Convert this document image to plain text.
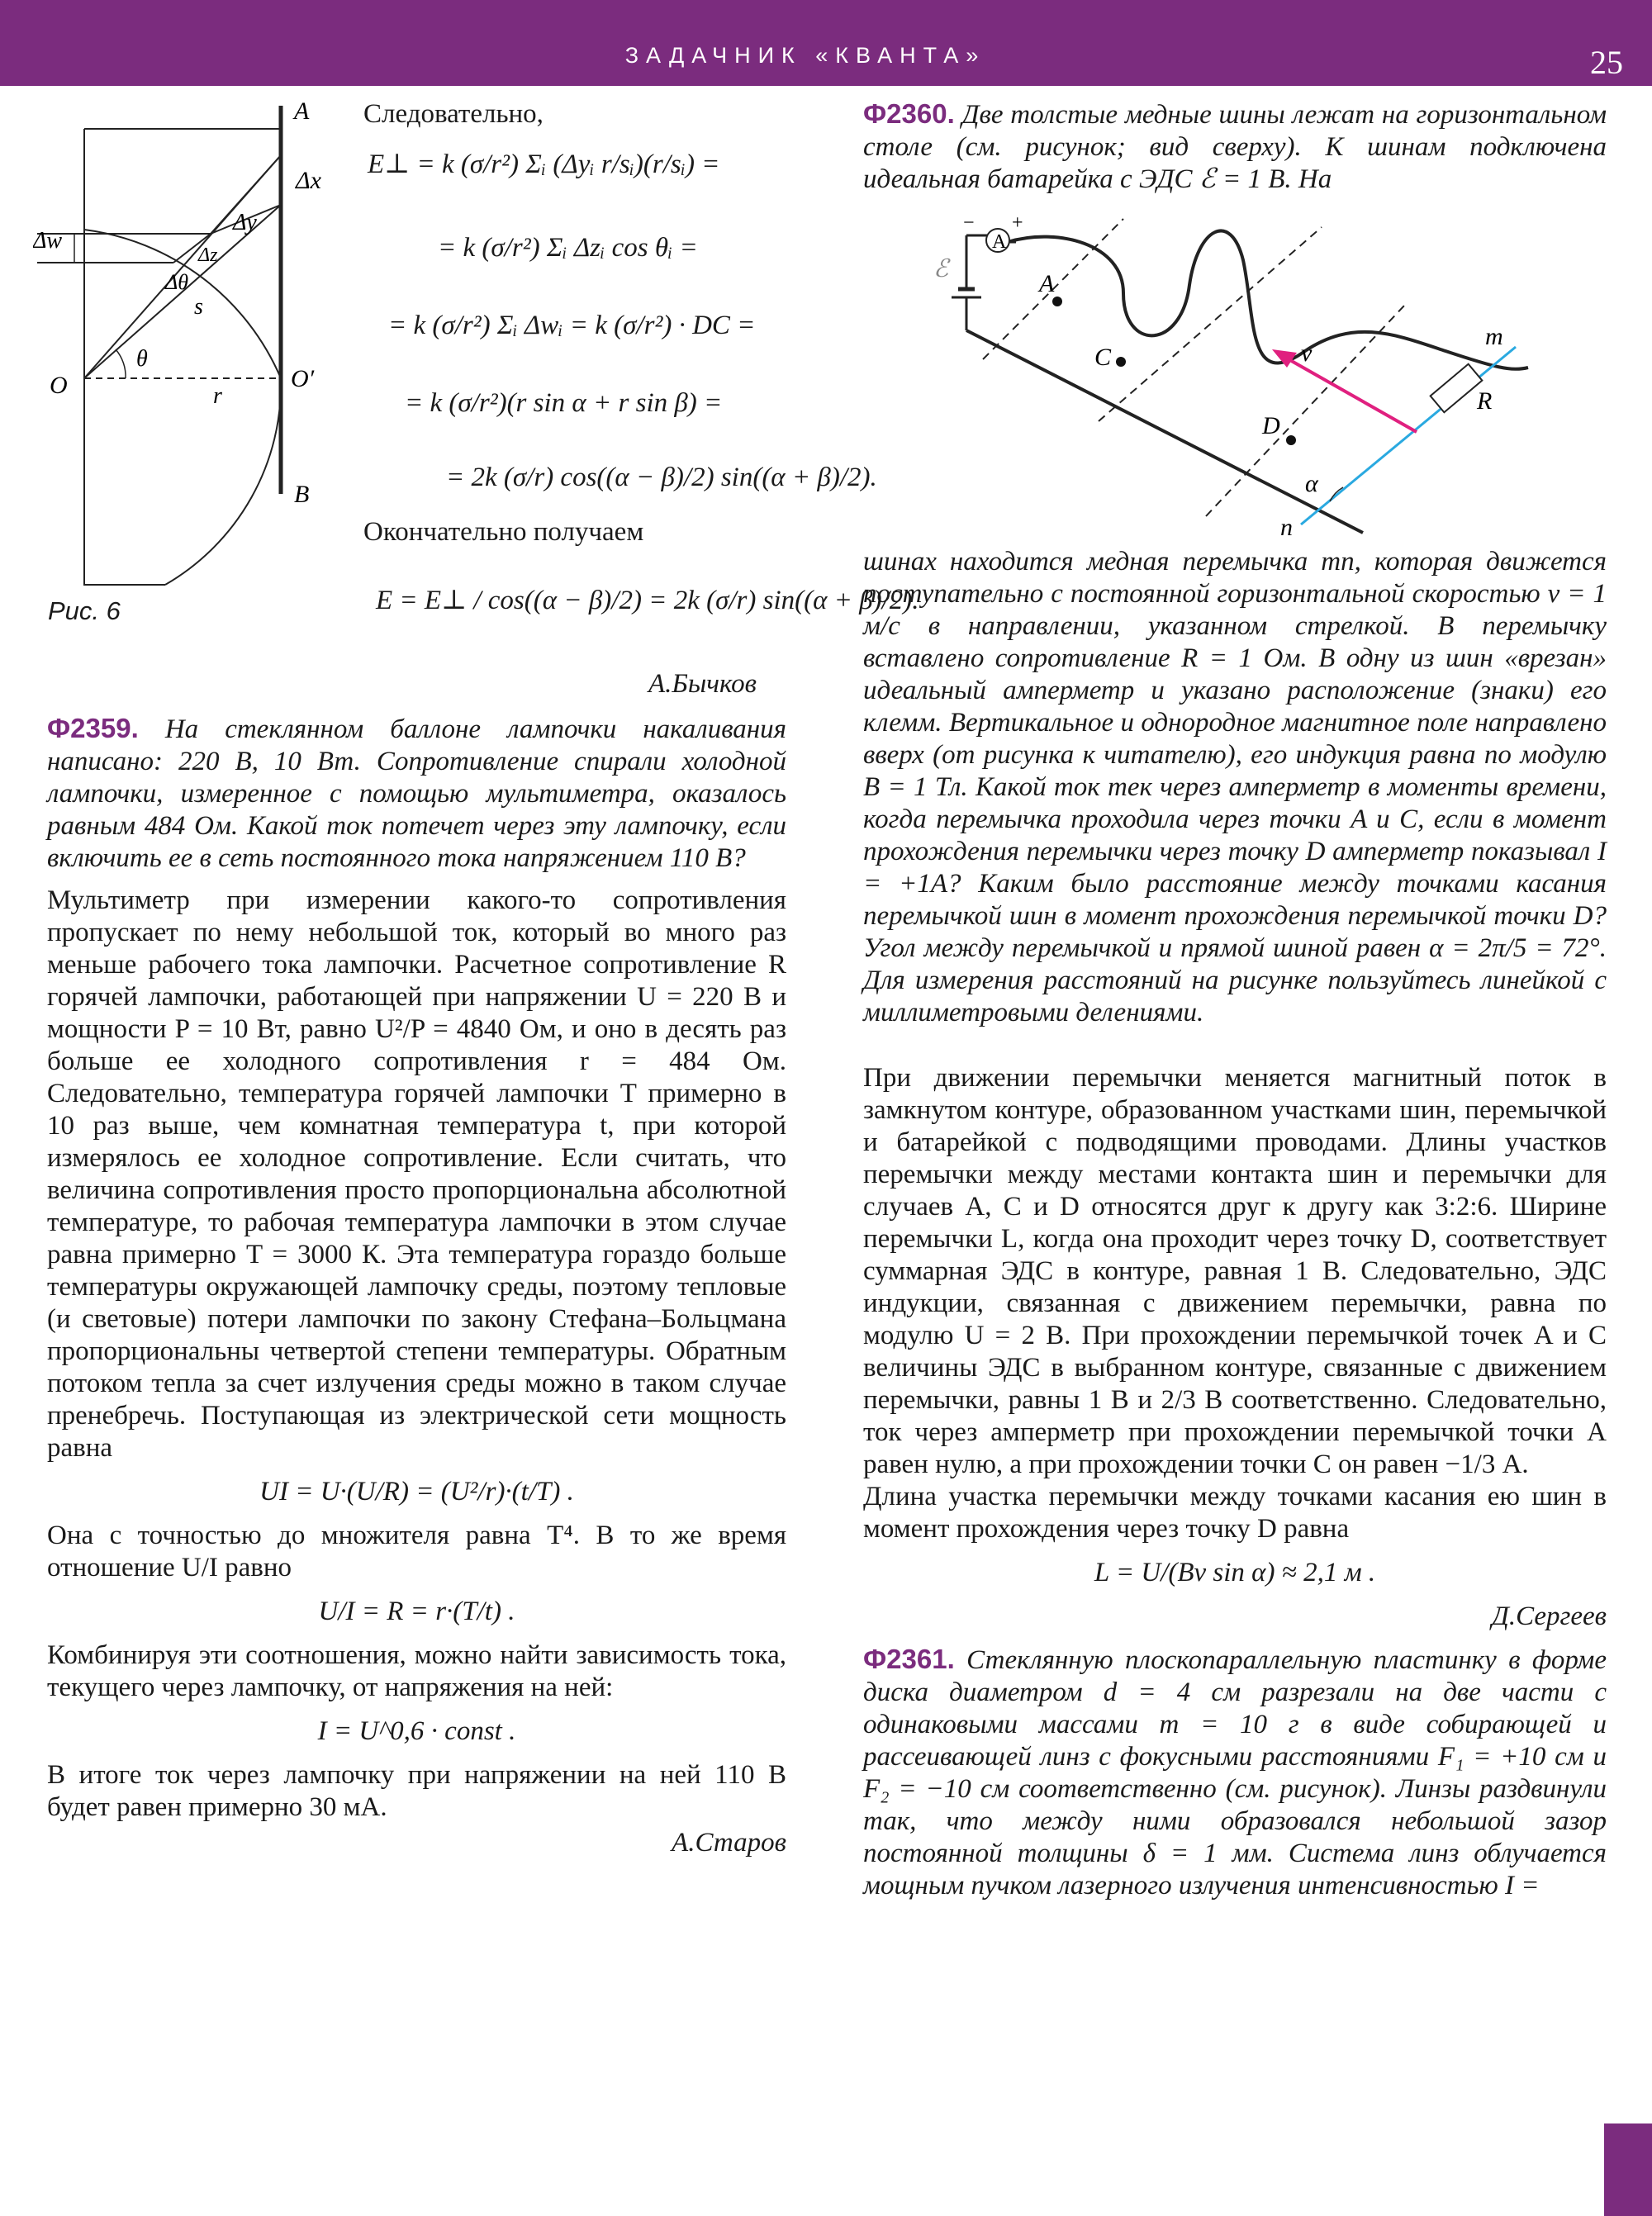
ЗАДАЧНИК «КВАНТА»	25
A
B
O	O′
Δx
Δy
Δz
Δw
Δθ
θ
s
r
Рис. 6
Следовательно,
E⊥ = k (σ/r²) Σᵢ (Δyᵢ r/sᵢ)(r/sᵢ) =
= k (σ/r²) Σᵢ Δzᵢ cos θᵢ =
= k (σ/r²) Σᵢ Δwᵢ = k (σ/r²) · DC =
= k (σ/r²)(r sin α + r sin β) =
= 2k (σ/r) cos((α − β)/2) sin((α + β)/2).
Окончательно получаем
E = E⊥ / cos((α − β)/2) = 2k (σ/r) sin((α + β)/2).
А.Бычков

Ф2359. На стеклянном баллоне лампочки накаливания написано: 220 В, 10 Вт. Сопротивление спирали холодной лампочки, измеренное с помощью мультиметра, оказалось равным 484 Ом. Какой ток потечет через эту лампочку, если включить ее в сеть постоянного тока напряжением 110 В?

Мультиметр при измерении какого-то сопротивления пропускает по нему небольшой ток, который во много раз меньше рабочего тока лампочки. Расчетное сопротивление R горячей лампочки, работающей при напряжении U = 220 В и мощности P = 10 Вт, равно U²/P = 4840 Ом, и оно в десять раз больше ее холодного сопротивления r = 484 Ом. Следовательно, температура горячей лампочки T примерно в 10 раз выше, чем комнатная температура t, при которой измерялось ее холодное сопротивление. Если считать, что величина сопротивления просто пропорциональна абсолютной температуре, то рабочая температура лампочки в этом случае равна примерно T = 3000 К. Эта температура гораздо больше температуры окружающей лампочку среды, поэтому тепловые (и световые) потери лампочки по закону Стефана–Больцмана пропорциональны четвертой степени температуры. Обратным потоком тепла за счет излучения среды можно в таком случае пренебречь. Поступающая из электрической сети мощность равна

UI = U·(U/R) = (U²/r)·(t/T) .

Она с точностью до множителя равна T⁴. В то же время отношение U/I равно

U/I = R = r·(T/t) .

Комбинируя эти соотношения, можно найти зависимость тока, текущего через лампочку, от напряжения на ней:

I = U^0,6 · const .

В итоге ток через лампочку при напряжении на ней 110 В будет равен примерно 30 мА.

А.Старов

Ф2360. Две толстые медные шины лежат на горизонтальном столе (см. рисунок; вид сверху). К шинам подключена идеальная батарейка с ЭДС ℰ = 1 В. На

A
− +
ℰ
A
C
D
R
m
n
v
α

шинах находится медная перемычка mn, которая движется поступательно с постоянной горизонтальной скоростью v = 1 м/с в направлении, указанном стрелкой. В перемычку вставлено сопротивление R = 1 Ом. В одну из шин «врезан» идеальный амперметр и указано расположение (знаки) его клемм. Вертикальное и однородное магнитное поле направлено вверх (от рисунка к читателю), его индукция равна по модулю B = 1 Тл. Какой ток тек через амперметр в моменты времени, когда перемычка проходила через точки A и C, если в момент прохождения перемычки через точку D амперметр показывал I = +1A? Каким было расстояние между точками касания перемычкой шин в момент прохождения перемычкой точки D? Угол между перемычкой и прямой шиной равен α = 2π/5 = 72°. Для измерения расстояний на рисунке пользуйтесь линейкой с миллиметровыми делениями.

При движении перемычки меняется магнитный поток в замкнутом контуре, образованном участками шин, перемычкой и батарейкой с подводящими проводами. Длины участков перемычки между местами контакта шин и перемычки для случаев A, C и D относятся друг к другу как 3:2:6. Ширине перемычки L, когда она проходит через точку D, соответствует суммарная ЭДС в контуре, равная 1 В. Следовательно, ЭДС индукции, связанная с движением перемычки, равна по модулю U = 2 В. При прохождении перемычкой точек A и C величины ЭДС в выбранном контуре, связанные с движением перемычки, равны 1 В и 2/3 В соответственно. Следовательно, ток через амперметр при прохождении перемычкой точки A равен нулю, а при прохождении точки C он равен −1/3 А.

Длина участка перемычки между точками касания ею шин в момент прохождения через точку D равна

L = U/(Bv sin α) ≈ 2,1 м .
Д.Сергеев

Ф2361. Стеклянную плоскопараллельную пластинку в форме диска диаметром d = 4 см разрезали на две части с одинаковыми массами m = 10 г в виде собирающей и рассеивающей линз с фокусными расстояниями F₁ = +10 см и F₂ = −10 см соответственно (см. рисунок). Линзы раздвинули так, что между ними образовался небольшой зазор постоянной толщины δ = 1 мм. Система линз облучается мощным пучком лазерного излучения интенсивностью I =
